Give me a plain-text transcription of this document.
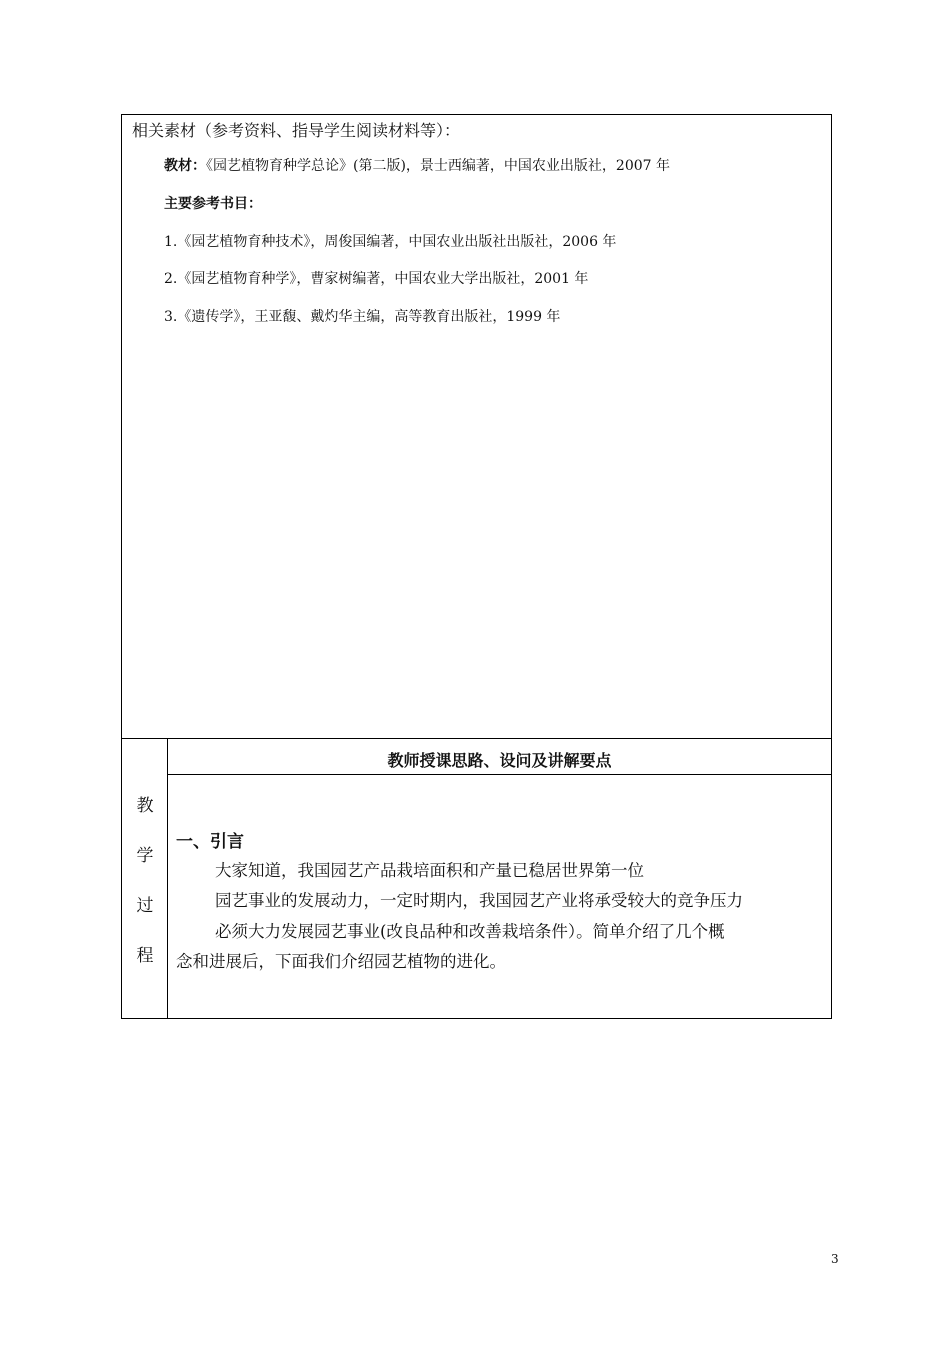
相关素材（参考资料、指导学生阅读材料等）：
教材：《园艺植物育种学总论》(第二版)，景士西编著，中国农业出版社，2007 年
主要参考书目：
1.《园艺植物育种技术》，周俊国编著，中国农业出版社出版社，2006 年
2.《园艺植物育种学》，曹家树编著，中国农业大学出版社，2001 年
3.《遗传学》，王亚馥、戴灼华主编，高等教育出版社，1999 年
教
学
过
程
教师授课思路、设问及讲解要点
一、引言
大家知道，我国园艺产品栽培面积和产量已稳居世界第一位
园艺事业的发展动力，一定时期内，我国园艺产业将承受较大的竞争压力
必须大力发展园艺事业(改良品种和改善栽培条件）。简单介绍了几个概
念和进展后，下面我们介绍园艺植物的进化。
3
